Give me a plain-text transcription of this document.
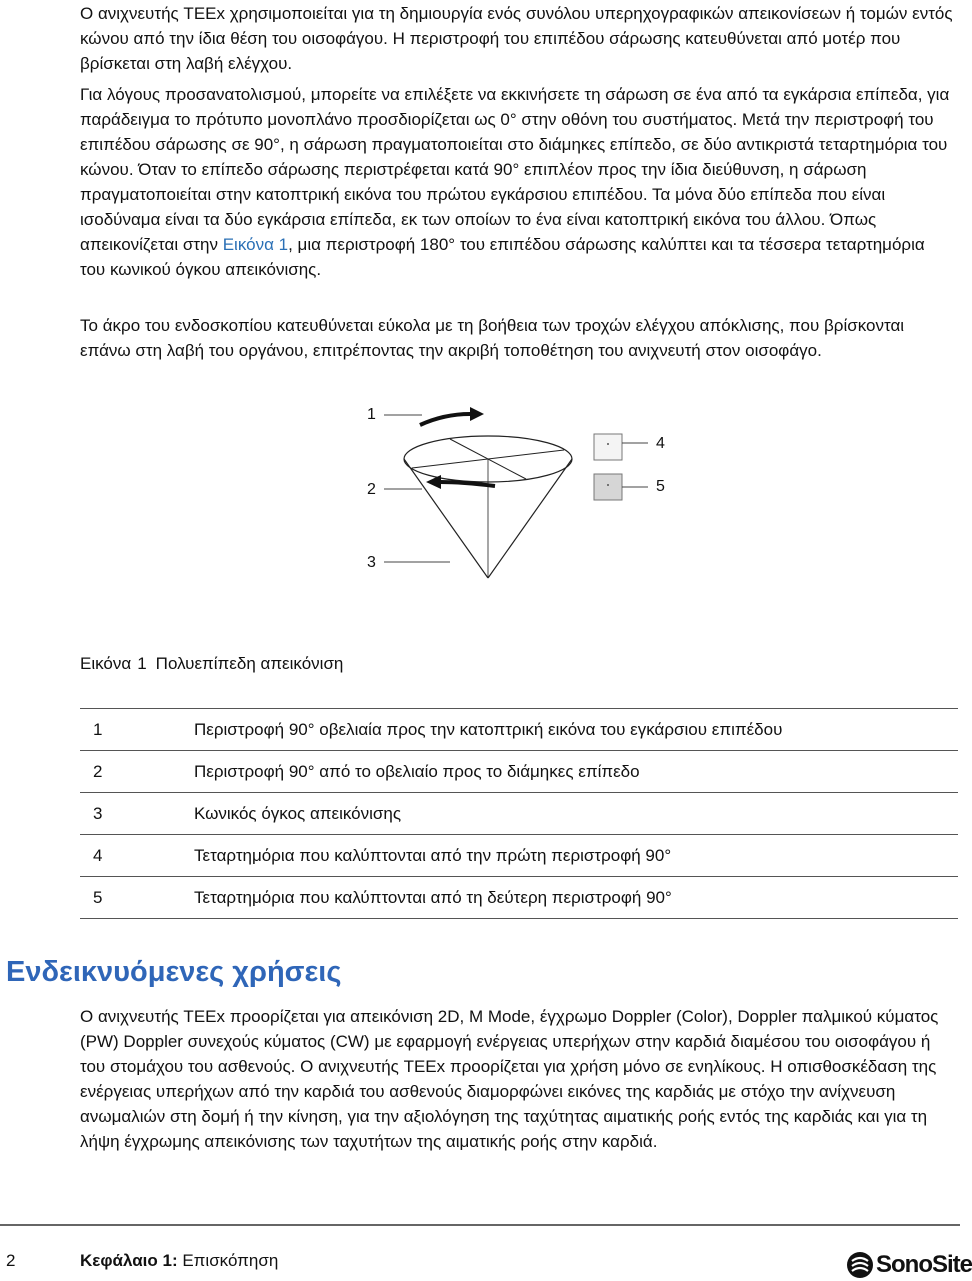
Ο ανιχνευτής TEEx χρησιμοποιείται για τη δημιουργία ενός συνόλου υπερηχογραφικών απεικονίσεων ή τομών εντός κώνου από την ίδια θέση του οισοφάγου. Η περιστροφή του επιπέδου σάρωσης κατευθύνεται από μοτέρ που βρίσκεται στη λαβή ελέγχου.

Για λόγους προσανατολισμού, μπορείτε να επιλέξετε να εκκινήσετε τη σάρωση σε ένα από τα εγκάρσια επίπεδα, για παράδειγμα το πρότυπο μονοπλάνο προσδιορίζεται ως 0° στην οθόνη του συστήματος. Μετά την περιστροφή του επιπέδου σάρωσης σε 90°, η σάρωση πραγματοποιείται στο διάμηκες επίπεδο, σε δύο αντικριστά τεταρτημόρια του κώνου. Όταν το επίπεδο σάρωσης περιστρέφεται κατά 90° επιπλέον προς την ίδια διεύθυνση, η σάρωση πραγματοποιείται στην κατοπτρική εικόνα του πρώτου εγκάρσιου επιπέδου. Τα μόνα δύο επίπεδα που είναι ισοδύναμα είναι τα δύο εγκάρσια επίπεδα, εκ των οποίων το ένα είναι κατοπτρική εικόνα του άλλου. Όπως απεικονίζεται στην Εικόνα 1, μια περιστροφή 180° του επιπέδου σάρωσης καλύπτει και τα τέσσερα τεταρτημόρια του κωνικού όγκου απεικόνισης.

Το άκρο του ενδοσκοπίου κατευθύνεται εύκολα με τη βοήθεια των τροχών ελέγχου απόκλισης, που βρίσκονται επάνω στη λαβή του οργάνου, επιτρέποντας την ακριβή τοποθέτηση του ανιχνευτή στον οισοφάγο.

1
2
3
4
5
Εικόνα 1 Πολυεπίπεδη απεικόνιση
1	Περιστροφή 90° οβελιαία προς την κατοπτρική εικόνα του εγκάρσιου επιπέδου
2	Περιστροφή 90° από το οβελιαίο προς το διάμηκες επίπεδο
3	Κωνικός όγκος απεικόνισης
4	Τεταρτημόρια που καλύπτονται από την πρώτη περιστροφή 90°
5	Τεταρτημόρια που καλύπτονται από τη δεύτερη περιστροφή 90°
Ενδεικνυόμενες χρήσεις

Ο ανιχνευτής TEEx προορίζεται για απεικόνιση 2D, M Mode, έγχρωμο Doppler (Color), Doppler παλμικού κύματος (PW) Doppler συνεχούς κύματος (CW) με εφαρμογή ενέργειας υπερήχων στην καρδιά διαμέσου του οισοφάγου ή του στομάχου του ασθενούς. Ο ανιχνευτής TEEx προορίζεται για χρήση μόνο σε ενηλίκους. Η οπισθοσκέδαση της ενέργειας υπερήχων από την καρδιά του ασθενούς διαμορφώνει εικόνες της καρδιάς με στόχο την ανίχνευση ανωμαλιών στη δομή ή την κίνηση, για την αξιολόγηση της ταχύτητας αιματικής ροής εντός της καρδιάς και για τη λήψη έγχρωμης απεικόνισης των ταχυτήτων της αιματικής ροής στην καρδιά.

2	Κεφάλαιο 1: Επισκόπηση	SonoSite
